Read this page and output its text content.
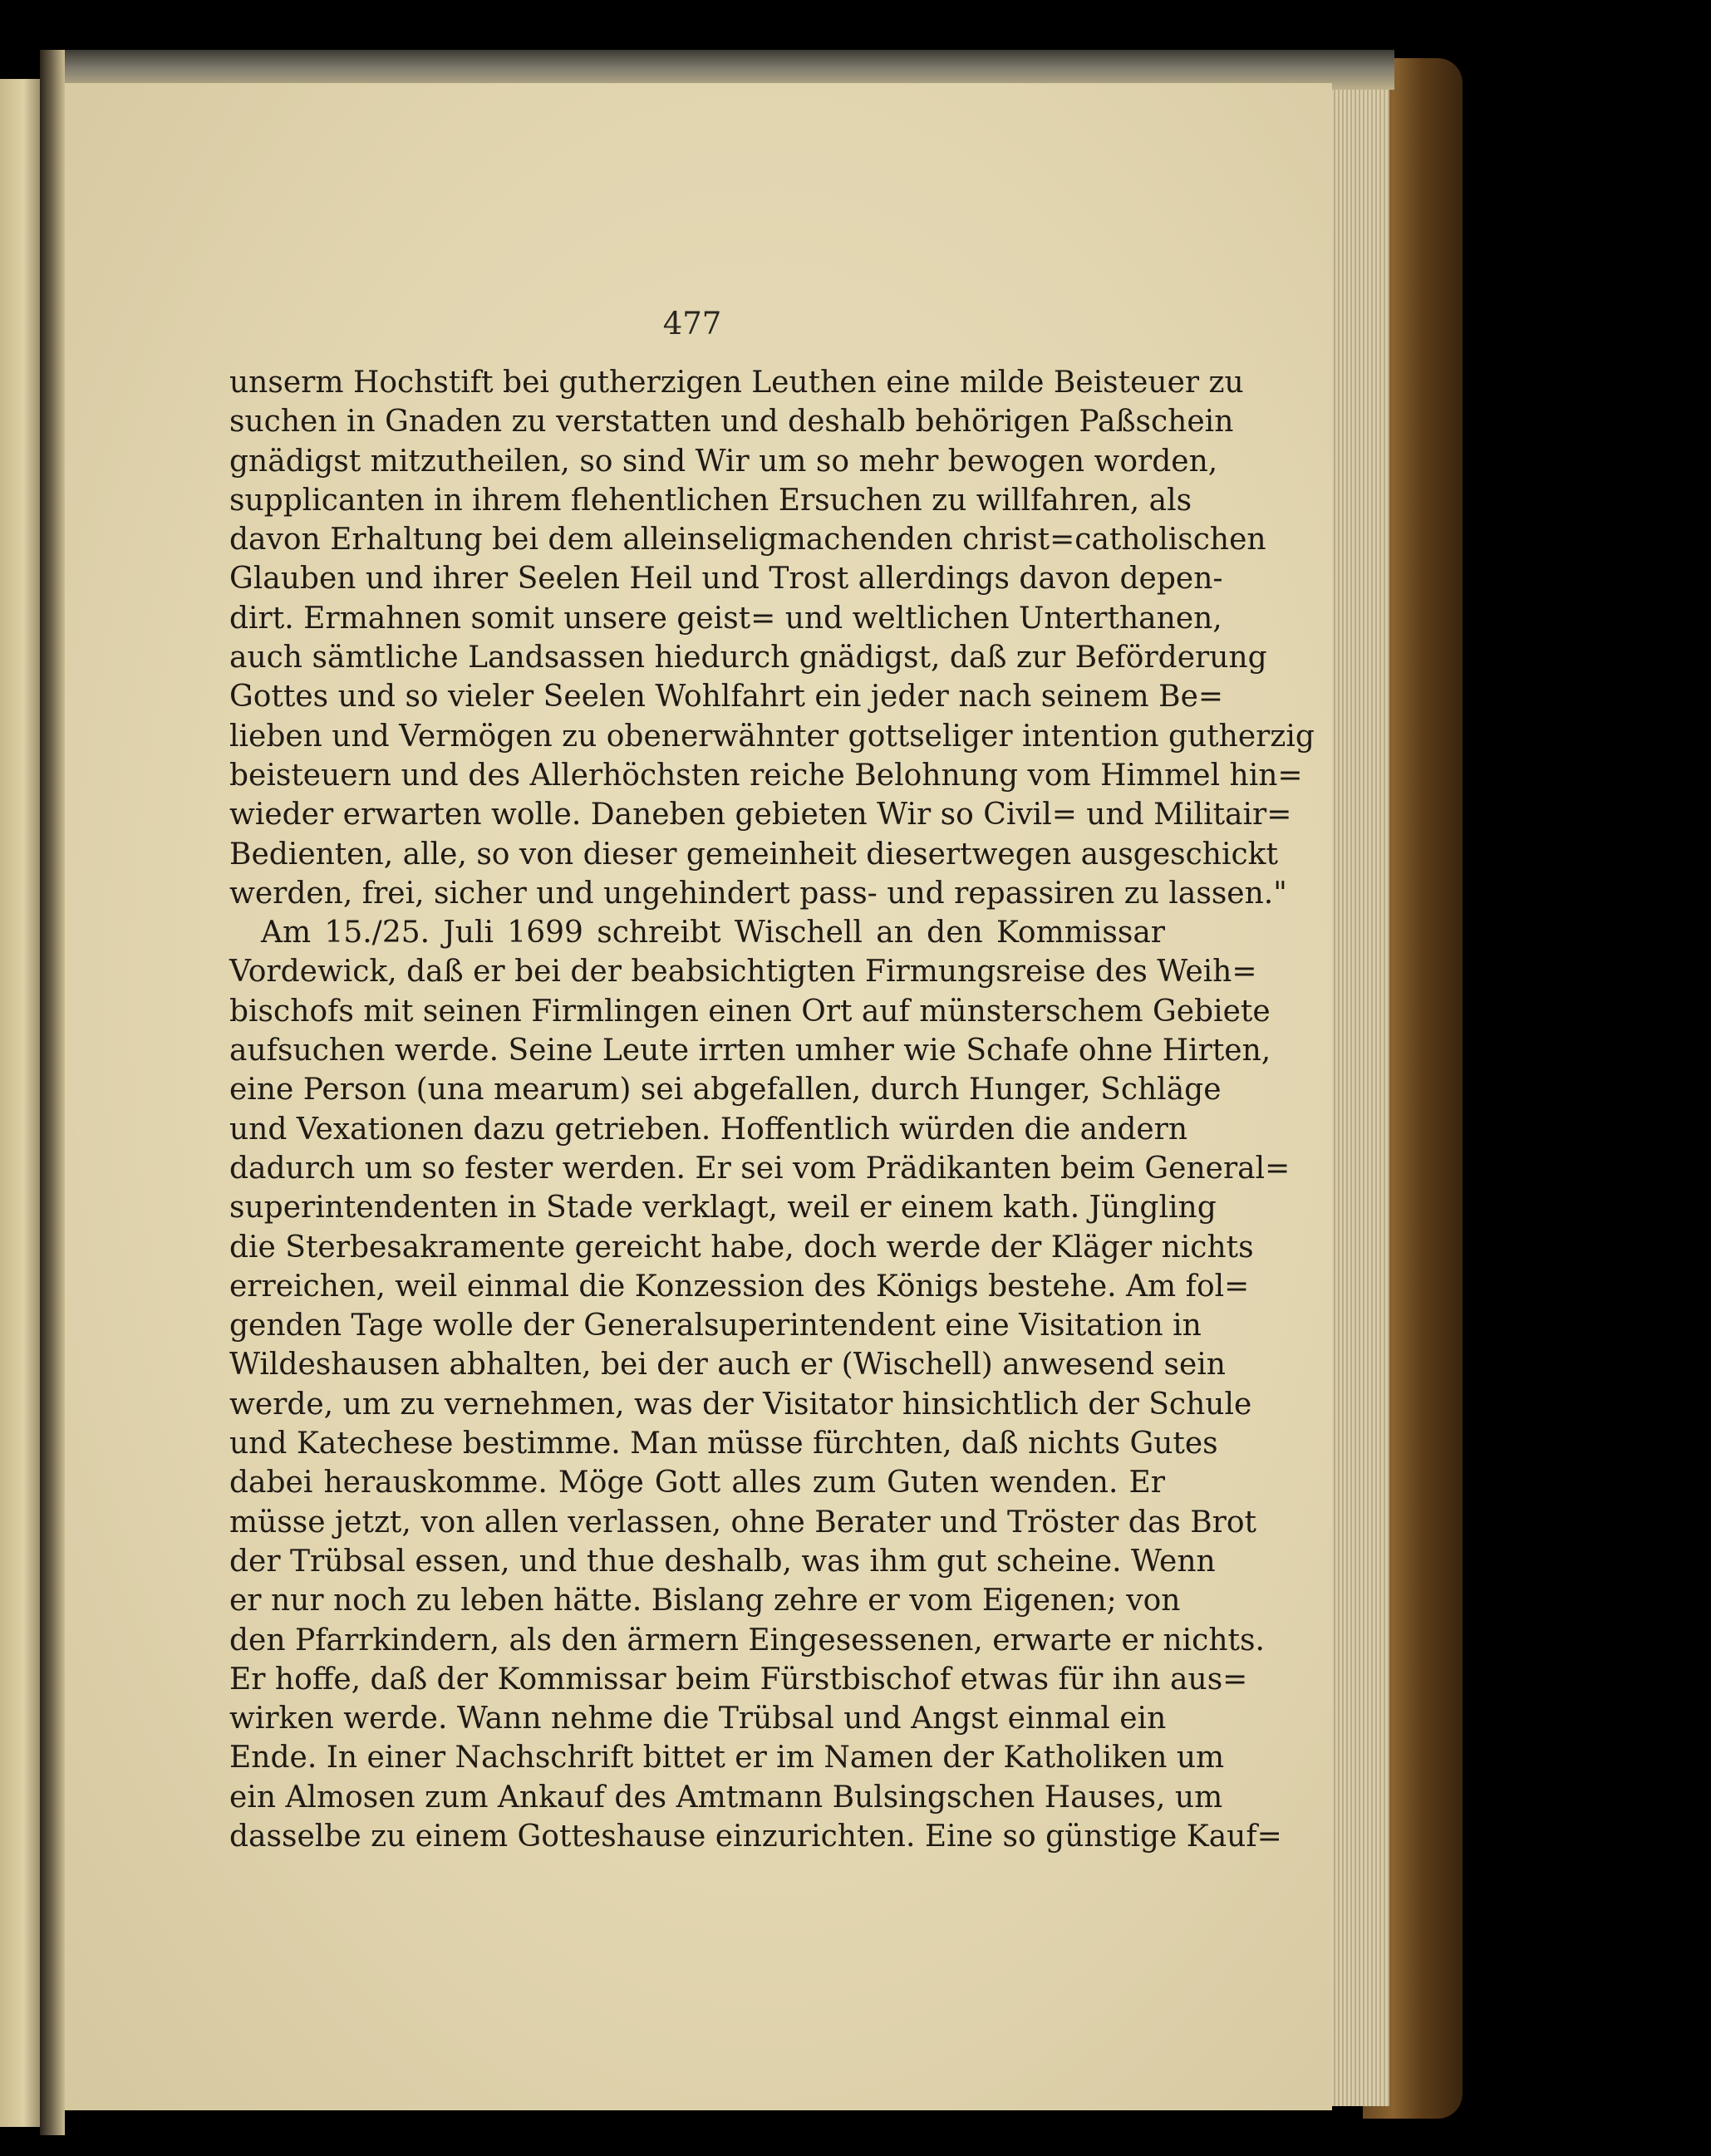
477
unserm Hochstift bei gutherzigen Leuthen eine milde Beisteuer zu
suchen in Gnaden zu verstatten und deshalb behörigen Paßschein
gnädigst mitzutheilen, so sind Wir um so mehr bewogen worden,
supplicanten in ihrem flehentlichen Ersuchen zu willfahren, als
davon Erhaltung bei dem alleinseligmachenden christ=catholischen
Glauben und ihrer Seelen Heil und Trost allerdings davon depen-
dirt. Ermahnen somit unsere geist= und weltlichen Unterthanen,
auch sämtliche Landsassen hiedurch gnädigst, daß zur Beförderung
Gottes und so vieler Seelen Wohlfahrt ein jeder nach seinem Be=
lieben und Vermögen zu obenerwähnter gottseliger intention gutherzig
beisteuern und des Allerhöchsten reiche Belohnung vom Himmel hin=
wieder erwarten wolle. Daneben gebieten Wir so Civil= und Militair=
Bedienten, alle, so von dieser gemeinheit diesertwegen ausgeschickt
werden, frei, sicher und ungehindert pass- und repassiren zu lassen."
Am 15./25. Juli 1699 schreibt Wischell an den Kommissar
Vordewick, daß er bei der beabsichtigten Firmungsreise des Weih=
bischofs mit seinen Firmlingen einen Ort auf münsterschem Gebiete
aufsuchen werde. Seine Leute irrten umher wie Schafe ohne Hirten,
eine Person (una mearum) sei abgefallen, durch Hunger, Schläge
und Vexationen dazu getrieben. Hoffentlich würden die andern
dadurch um so fester werden. Er sei vom Prädikanten beim General=
superintendenten in Stade verklagt, weil er einem kath. Jüngling
die Sterbesakramente gereicht habe, doch werde der Kläger nichts
erreichen, weil einmal die Konzession des Königs bestehe. Am fol=
genden Tage wolle der Generalsuperintendent eine Visitation in
Wildeshausen abhalten, bei der auch er (Wischell) anwesend sein
werde, um zu vernehmen, was der Visitator hinsichtlich der Schule
und Katechese bestimme. Man müsse fürchten, daß nichts Gutes
dabei herauskomme. Möge Gott alles zum Guten wenden. Er
müsse jetzt, von allen verlassen, ohne Berater und Tröster das Brot
der Trübsal essen, und thue deshalb, was ihm gut scheine. Wenn
er nur noch zu leben hätte. Bislang zehre er vom Eigenen; von
den Pfarrkindern, als den ärmern Eingesessenen, erwarte er nichts.
Er hoffe, daß der Kommissar beim Fürstbischof etwas für ihn aus=
wirken werde. Wann nehme die Trübsal und Angst einmal ein
Ende. In einer Nachschrift bittet er im Namen der Katholiken um
ein Almosen zum Ankauf des Amtmann Bulsingschen Hauses, um
dasselbe zu einem Gotteshause einzurichten. Eine so günstige Kauf=
